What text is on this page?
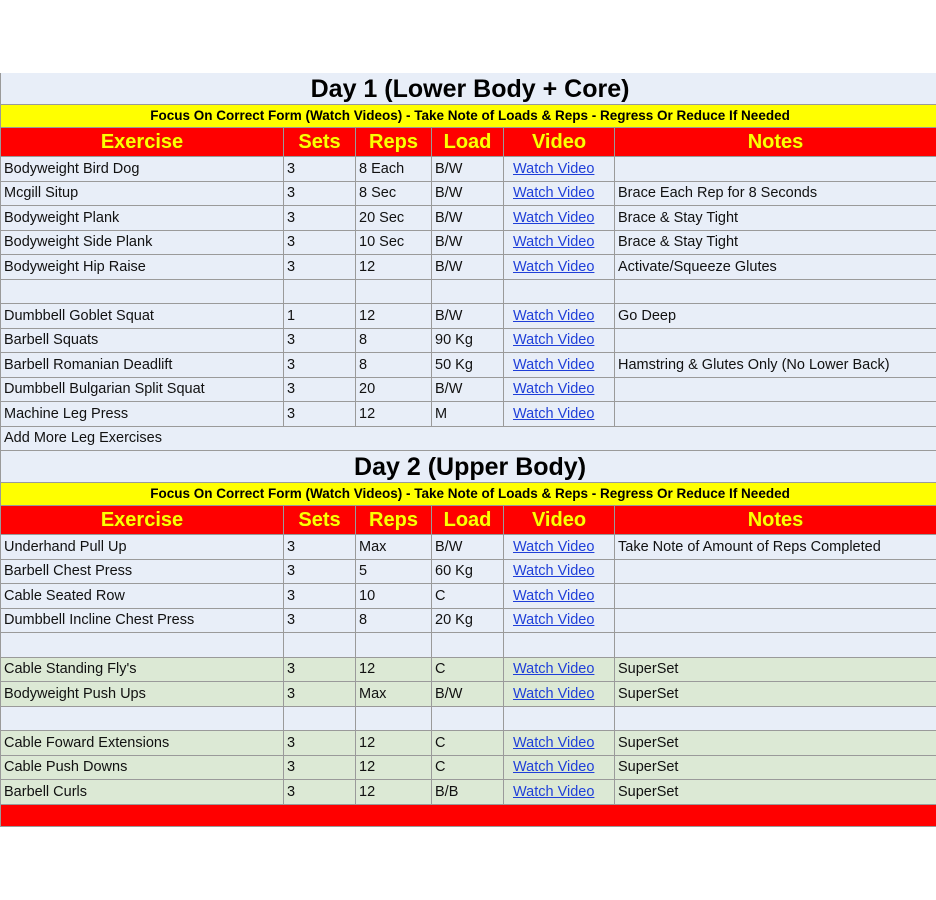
Day 1 (Lower Body + Core)					
Focus On Correct Form (Watch Videos) - Take Note of Loads & Reps - Regress Or Reduce If Needed					
Exercise	Sets	Reps	Load	Video	Notes
Bodyweight Bird Dog	3	8 Each	B/W	Watch Video	
Mcgill Situp	3	8 Sec	B/W	Watch Video	Brace Each Rep for 8 Seconds
Bodyweight Plank	3	20 Sec	B/W	Watch Video	Brace & Stay Tight
Bodyweight Side Plank	3	10 Sec	B/W	Watch Video	Brace & Stay Tight
Bodyweight Hip Raise	3	12	B/W	Watch Video	Activate/Squeeze Glutes

Dumbbell Goblet Squat	1	12	B/W	Watch Video	Go Deep
Barbell Squats	3	8	90 Kg	Watch Video	
Barbell Romanian Deadlift	3	8	50 Kg	Watch Video	Hamstring & Glutes Only (No Lower Back)
Dumbbell Bulgarian Split Squat	3	20	B/W	Watch Video	
Machine Leg Press	3	12	M	Watch Video	
Add More Leg Exercises					
Day 2 (Upper Body)					
Focus On Correct Form (Watch Videos) - Take Note of Loads & Reps - Regress Or Reduce If Needed					
Exercise	Sets	Reps	Load	Video	Notes
Underhand Pull Up	3	Max	B/W	Watch Video	Take Note of Amount of Reps Completed
Barbell Chest Press	3	5	60 Kg	Watch Video	
Cable Seated Row	3	10	C	Watch Video	
Dumbbell Incline Chest Press	3	8	20 Kg	Watch Video	

Cable Standing Fly's	3	12	C	Watch Video	SuperSet
Bodyweight Push Ups	3	Max	B/W	Watch Video	SuperSet

Cable Foward Extensions	3	12	C	Watch Video	SuperSet
Cable Push Downs	3	12	C	Watch Video	SuperSet
Barbell Curls	3	12	B/B	Watch Video	SuperSet
